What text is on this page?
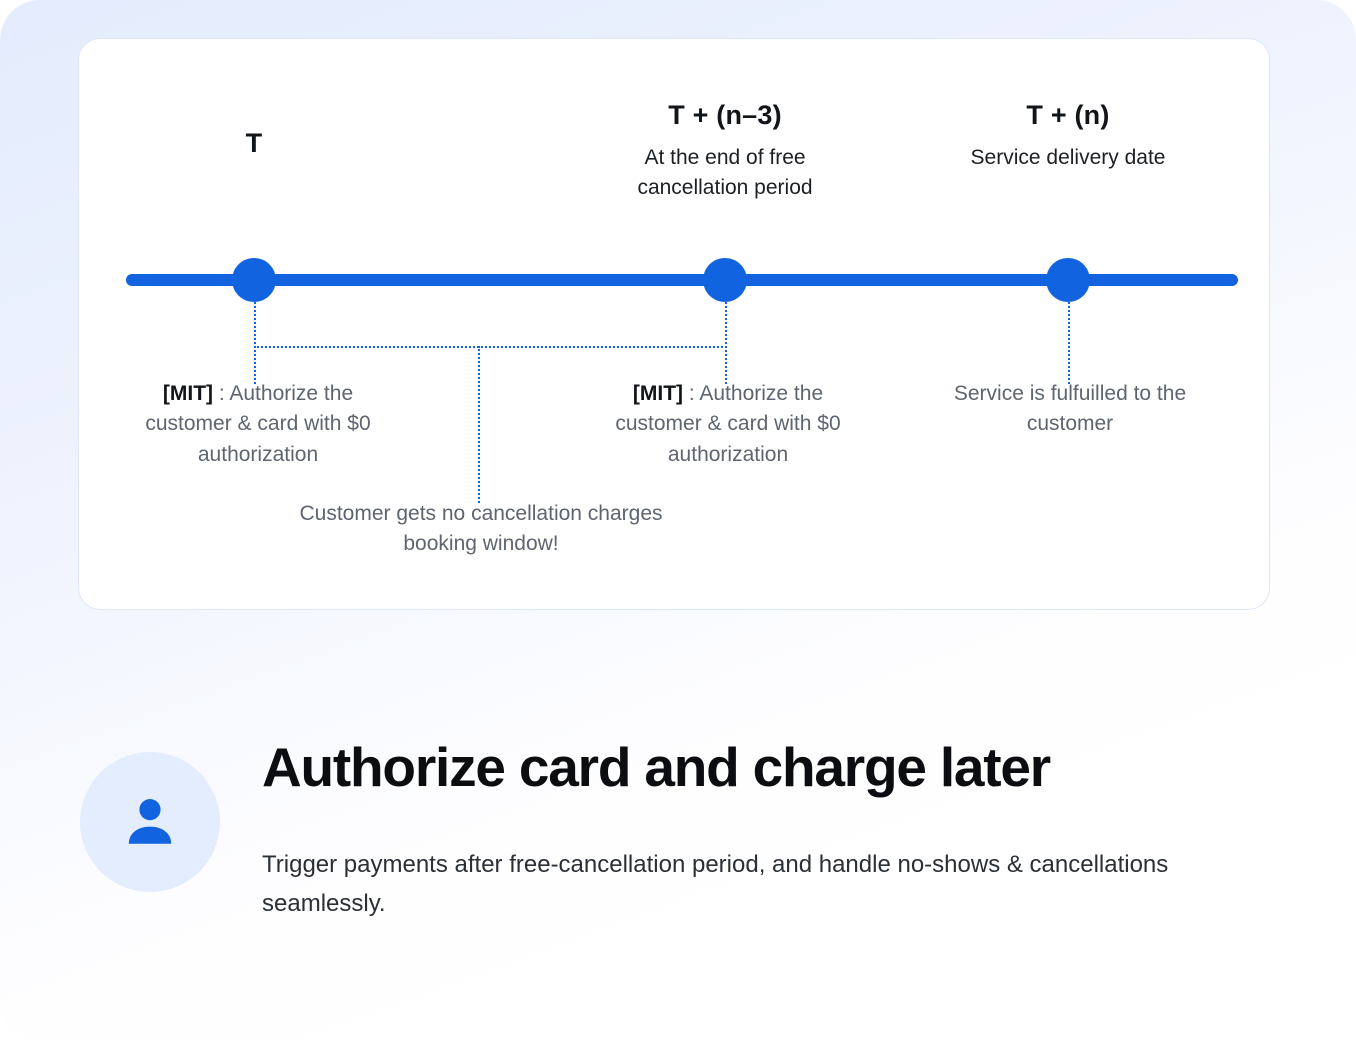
T
T + (n–3)
At the end of free cancellation period
T + (n)
Service delivery date
[MIT] : Authorize the customer & card with $0 authorization
[MIT] : Authorize the customer & card with $0 authorization
Service is fulfuilled to the customer
Customer gets no cancellation charges booking window!
Authorize card and charge later
Trigger payments after free-cancellation period, and handle no-shows & cancellations seamlessly.
